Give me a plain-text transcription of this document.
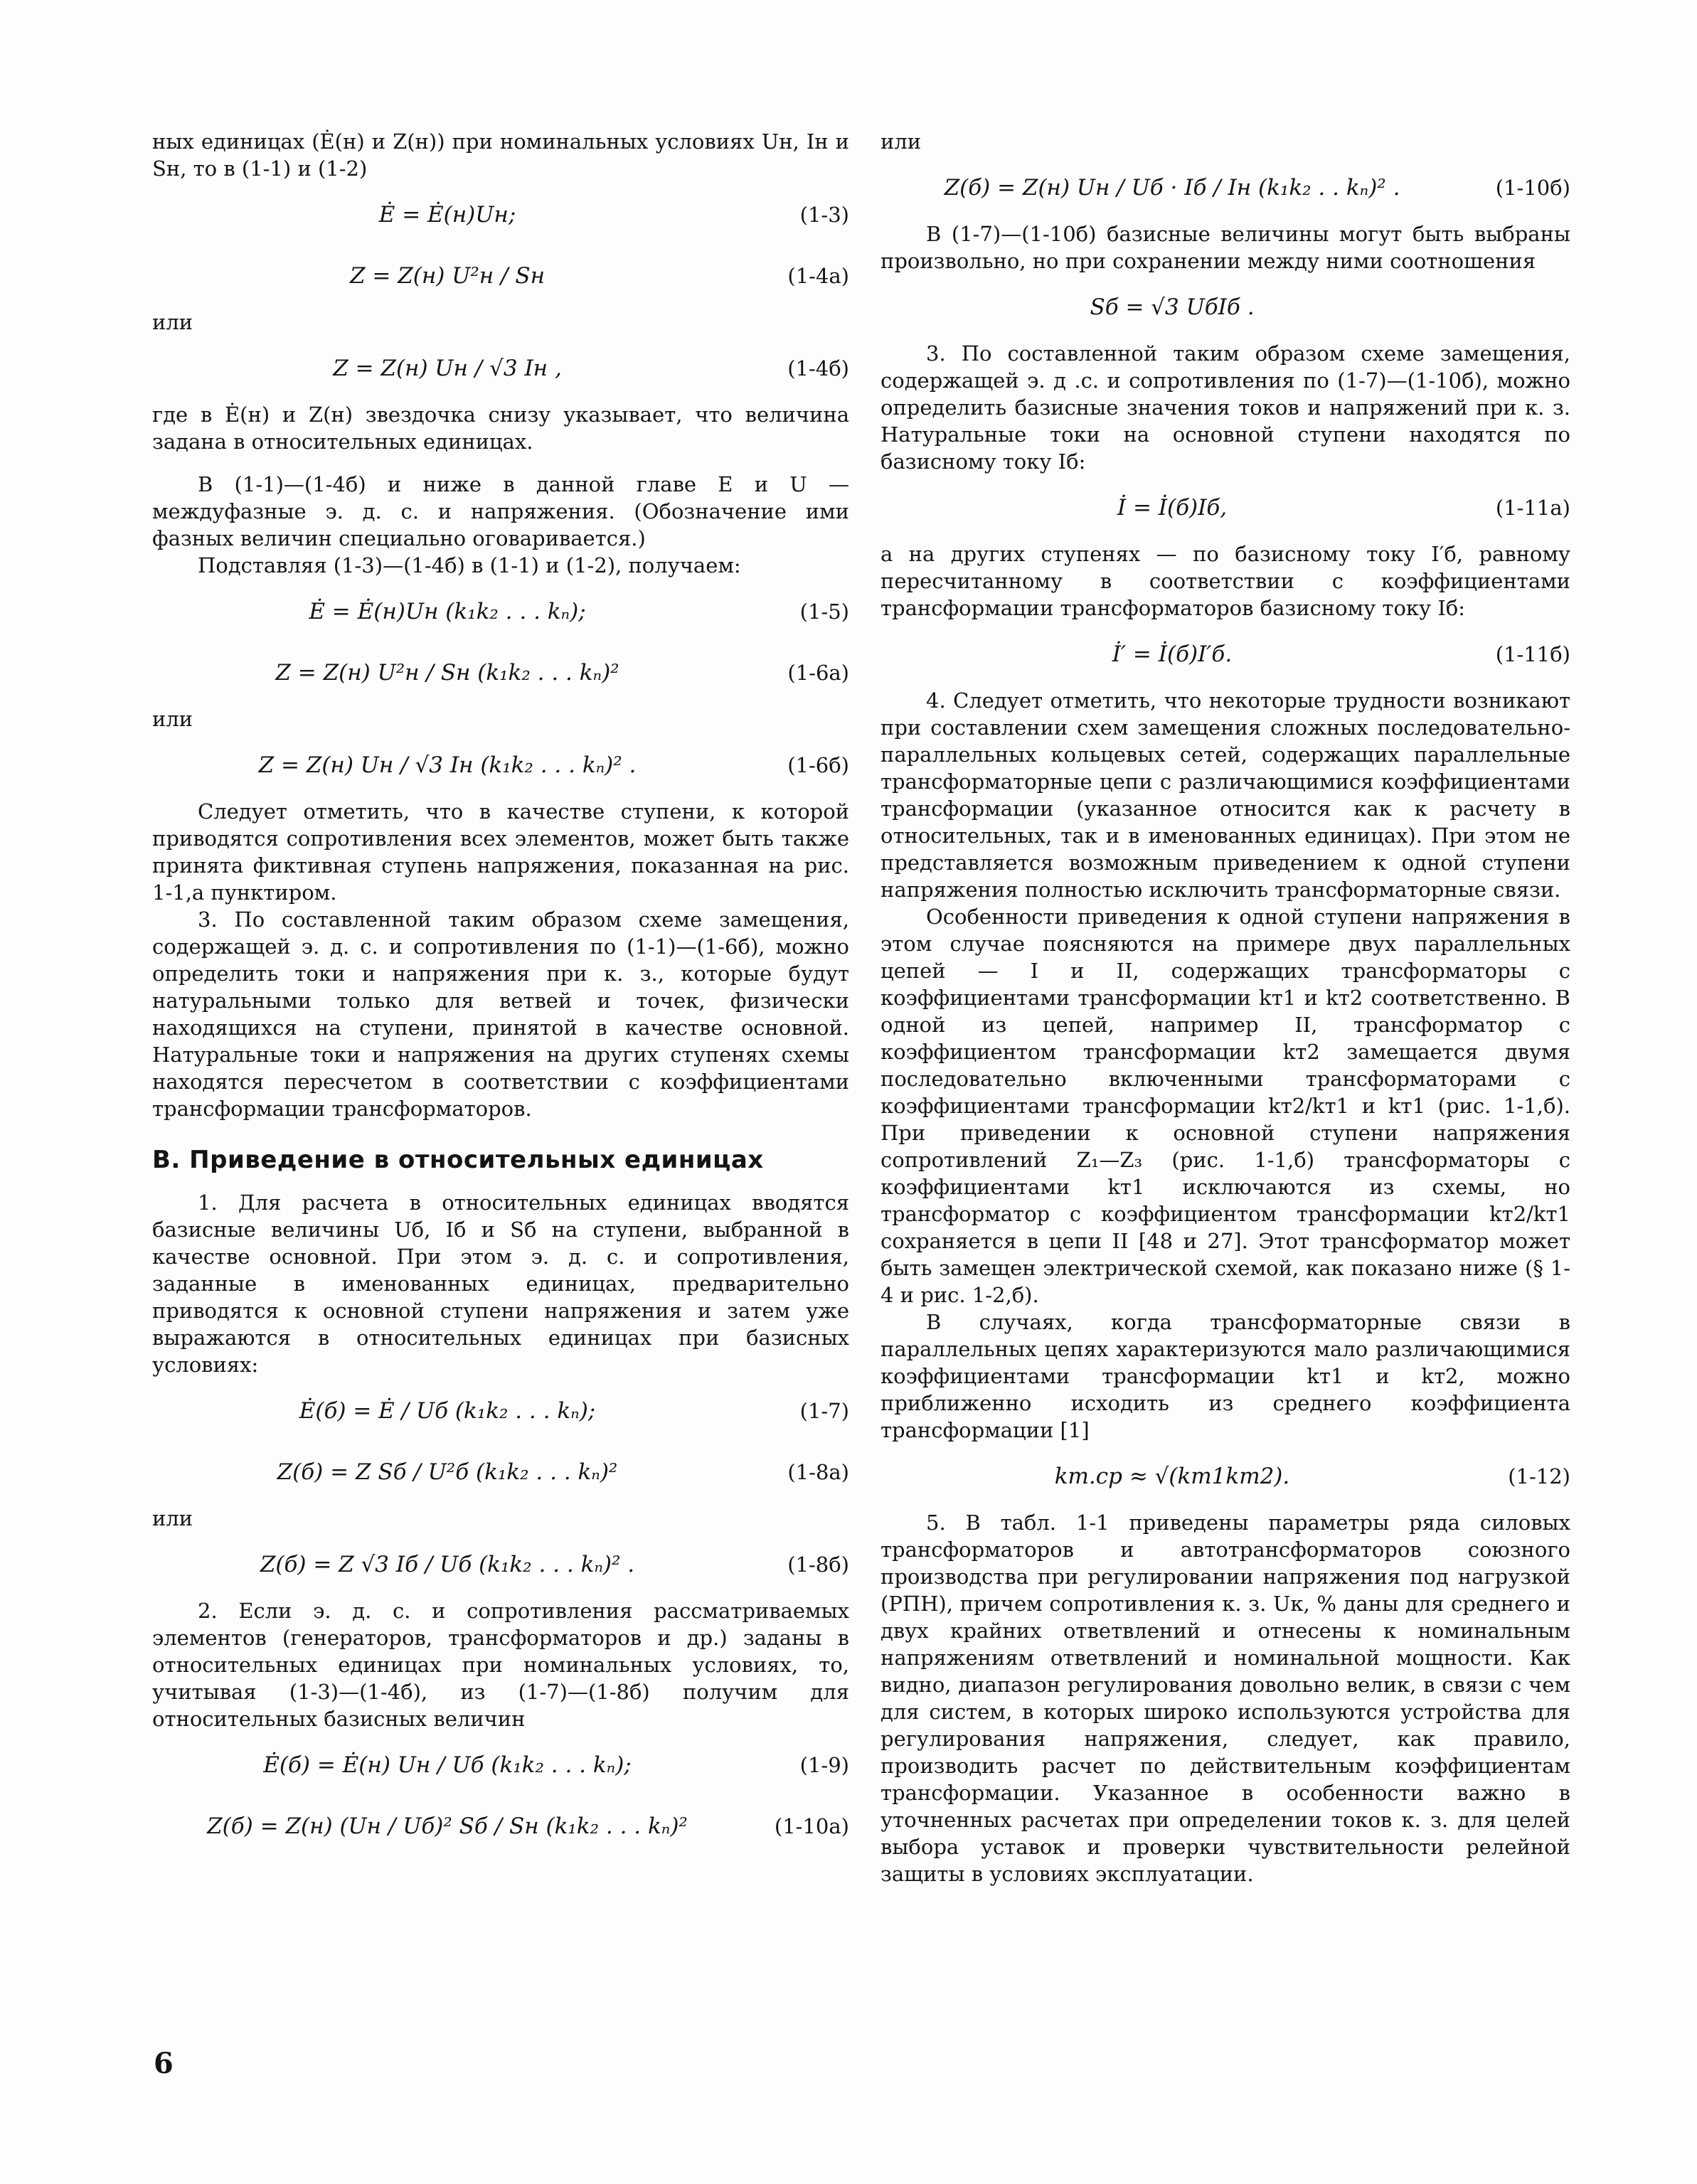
ных единицах (Ė(н) и Z(н)) при номинальных условиях Uн, Iн и Sн, то в (1-1) и (1-2)

Ė = Ė(н)Uн;	(1-3)
Z = Z(н) U²н / Sн	(1-4а)

или

Z = Z(н) Uн / √3 Iн ,	(1-4б)

где в Ė(н) и Z(н) звездочка снизу указывает, что величина задана в относительных единицах.

В (1-1)—(1-4б) и ниже в данной главе E и U — междуфазные э. д. с. и напряжения. (Обозначение ими фазных величин специально оговаривается.)

Подставляя (1-3)—(1-4б) в (1-1) и (1-2), получаем:

Ė = Ė(н)Uн (k₁k₂ . . . kₙ);	(1-5)
Z = Z(н) U²н / Sн (k₁k₂ . . . kₙ)²	(1-6а)

или

Z = Z(н) Uн / √3 Iн (k₁k₂ . . . kₙ)² .	(1-6б)

Следует отметить, что в качестве ступени, к которой приводятся сопротивления всех элементов, может быть также принята фиктивная ступень напряжения, показанная на рис. 1-1,а пунктиром.

3. По составленной таким образом схеме замещения, содержащей э. д. с. и сопротивления по (1-1)—(1-6б), можно определить токи и напряжения при к. з., которые будут натуральными только для ветвей и точек, физически находящихся на ступени, принятой в качестве основной. Натуральные токи и напряжения на других ступенях схемы находятся пересчетом в соответствии с коэффициентами трансформации трансформаторов.

В. Приведение в относительных единицах

1. Для расчета в относительных единицах вводятся базисные величины Uб, Iб и Sб на ступени, выбранной в качестве основной. При этом э. д. с. и сопротивления, заданные в именованных единицах, предварительно приводятся к основной ступени напряжения и затем уже выражаются в относительных единицах при базисных условиях:

Ė(б) = Ė / Uб (k₁k₂ . . . kₙ);	(1-7)
Z(б) = Z Sб / U²б (k₁k₂ . . . kₙ)²	(1-8а)

или

Z(б) = Z √3 Iб / Uб (k₁k₂ . . . kₙ)² .	(1-8б)

2. Если э. д. с. и сопротивления рассматриваемых элементов (генераторов, трансформаторов и др.) заданы в относительных единицах при номинальных условиях, то, учитывая (1-3)—(1-4б), из (1-7)—(1-8б) получим для относительных базисных величин

Ė(б) = Ė(н) Uн / Uб (k₁k₂ . . . kₙ);	(1-9)
Z(б) = Z(н) (Uн / Uб)² Sб / Sн (k₁k₂ . . . kₙ)²	(1-10а)

или

Z(б) = Z(н) Uн / Uб · Iб / Iн (k₁k₂ . . kₙ)² .	(1-10б)

В (1-7)—(1-10б) базисные величины могут быть выбраны произвольно, но при сохранении между ними соотношения

Sб = √3 UбIб .

3. По составленной таким образом схеме замещения, содержащей э. д .с. и сопротивления по (1-7)—(1-10б), можно определить базисные значения токов и напряжений при к. з. Натуральные токи на основной ступени находятся по базисному току Iб:

İ = İ(б)Iб,	(1-11а)

а на других ступенях — по базисному току I′б, равному пересчитанному в соответствии с коэффициентами трансформации трансформаторов базисному току Iб:

İ′ = İ(б)I′б.	(1-11б)

4. Следует отметить, что некоторые трудности возникают при составлении схем замещения сложных последовательно-параллельных кольцевых сетей, содержащих параллельные трансформаторные цепи с различающимися коэффициентами трансформации (указанное относится как к расчету в относительных, так и в именованных единицах). При этом не представляется возможным приведением к одной ступени напряжения полностью исключить трансформаторные связи.

Особенности приведения к одной ступени напряжения в этом случае поясняются на примере двух параллельных цепей — I и II, содержащих трансформаторы с коэффициентами трансформации kт1 и kт2 соответственно. В одной из цепей, например II, трансформатор с коэффициентом трансформации kт2 замещается двумя последовательно включенными трансформаторами с коэффициентами трансформации kт2/kт1 и kт1 (рис. 1-1,б). При приведении к основной ступени напряжения сопротивлений Z₁—Z₃ (рис. 1-1,б) трансформаторы с коэффициентами kт1 исключаются из схемы, но трансформатор с коэффициентом трансформации kт2/kт1 сохраняется в цепи II [48 и 27]. Этот трансформатор может быть замещен электрической схемой, как показано ниже (§ 1-4 и рис. 1-2,б).

В случаях, когда трансформаторные связи в параллельных цепях характеризуются мало различающимися коэффициентами трансформации kт1 и kт2, можно приближенно исходить из среднего коэффициента трансформации [1]

kт.ср ≈ √(kт1kт2).	(1-12)

5. В табл. 1-1 приведены параметры ряда силовых трансформаторов и автотрансформаторов союзного производства при регулировании напряжения под нагрузкой (РПН), причем сопротивления к. з. Uк, % даны для среднего и двух крайних ответвлений и отнесены к номинальным напряжениям ответвлений и номинальной мощности. Как видно, диапазон регулирования довольно велик, в связи с чем для систем, в которых широко используются устройства для регулирования напряжения, следует, как правило, производить расчет по действительным коэффициентам трансформации. Указанное в особенности важно в уточненных расчетах при определении токов к. з. для целей выбора уставок и проверки чувствительности релейной защиты в условиях эксплуатации.

6
